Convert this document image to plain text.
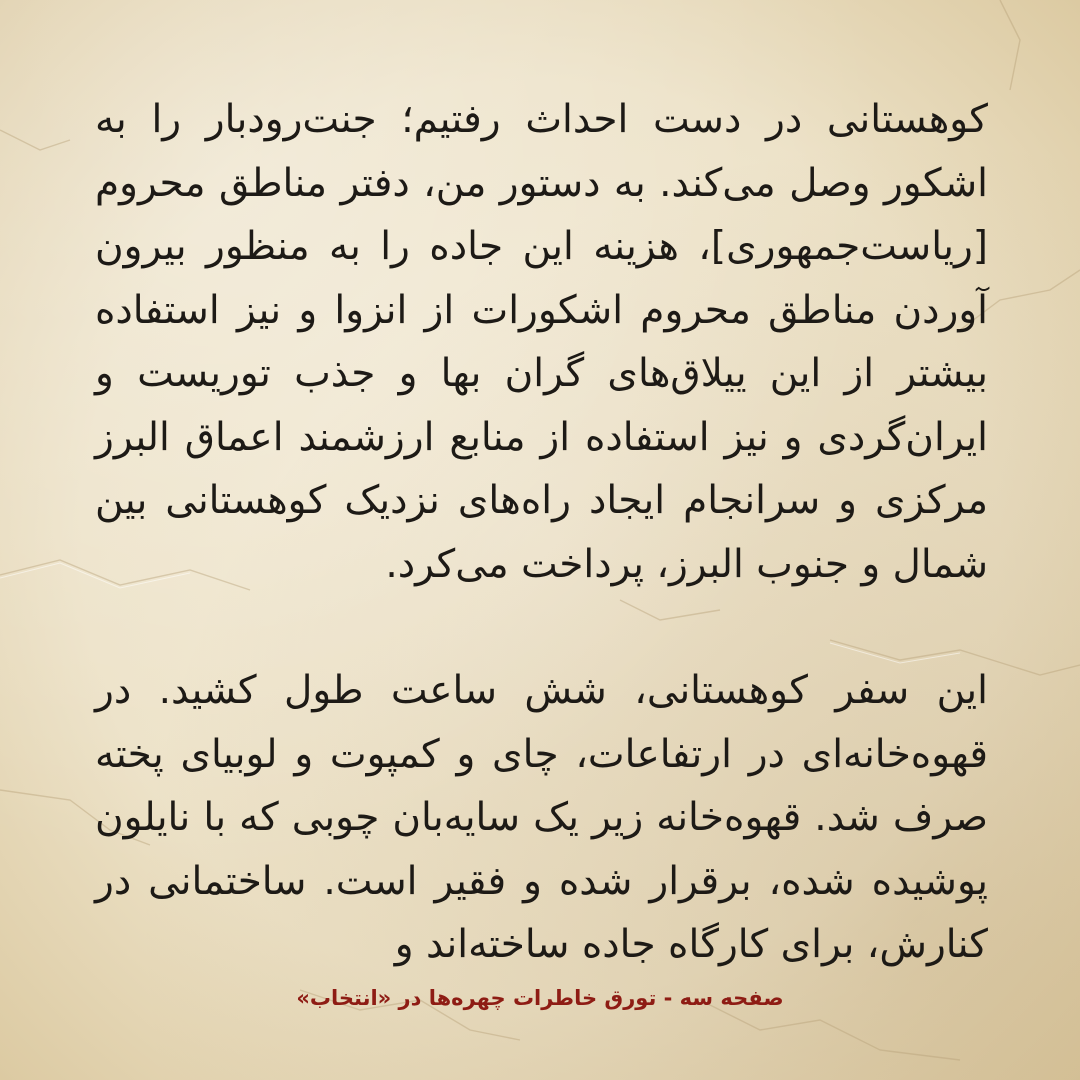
کوهستانی در دست احداث رفتیم؛ جنت‌رودبار را به اشکور وصل می‌کند. به دستور من، دفتر مناطق محروم [ریاست‌جمهوری]، هزینه این جاده را به منظور بیرون آوردن مناطق محروم اشکورات از انزوا و نیز استفاده بیشتر از این ییلاق‌های گران بها و جذب توریست و ایران‌گردی و نیز استفاده از منابع ارزشمند اعماق البرز مرکزی و سرانجام ایجاد راه‌های نزدیک کوهستانی بین شمال و جنوب البرز، پرداخت می‌کرد.

این سفر کوهستانی، شش ساعت طول کشید. در قهوه‌خانه‌ای در ارتفاعات، چای و کمپوت و لوبیای پخته صرف شد. قهوه‌خانه زیر یک سایه‌بان چوبی که با نایلون پوشیده شده، برقرار شده و فقیر است. ساختمانی در کنارش، برای کارگاه جاده ساخته‌اند و

صفحه سه - تورق خاطرات چهره‌ها در «انتخاب»
